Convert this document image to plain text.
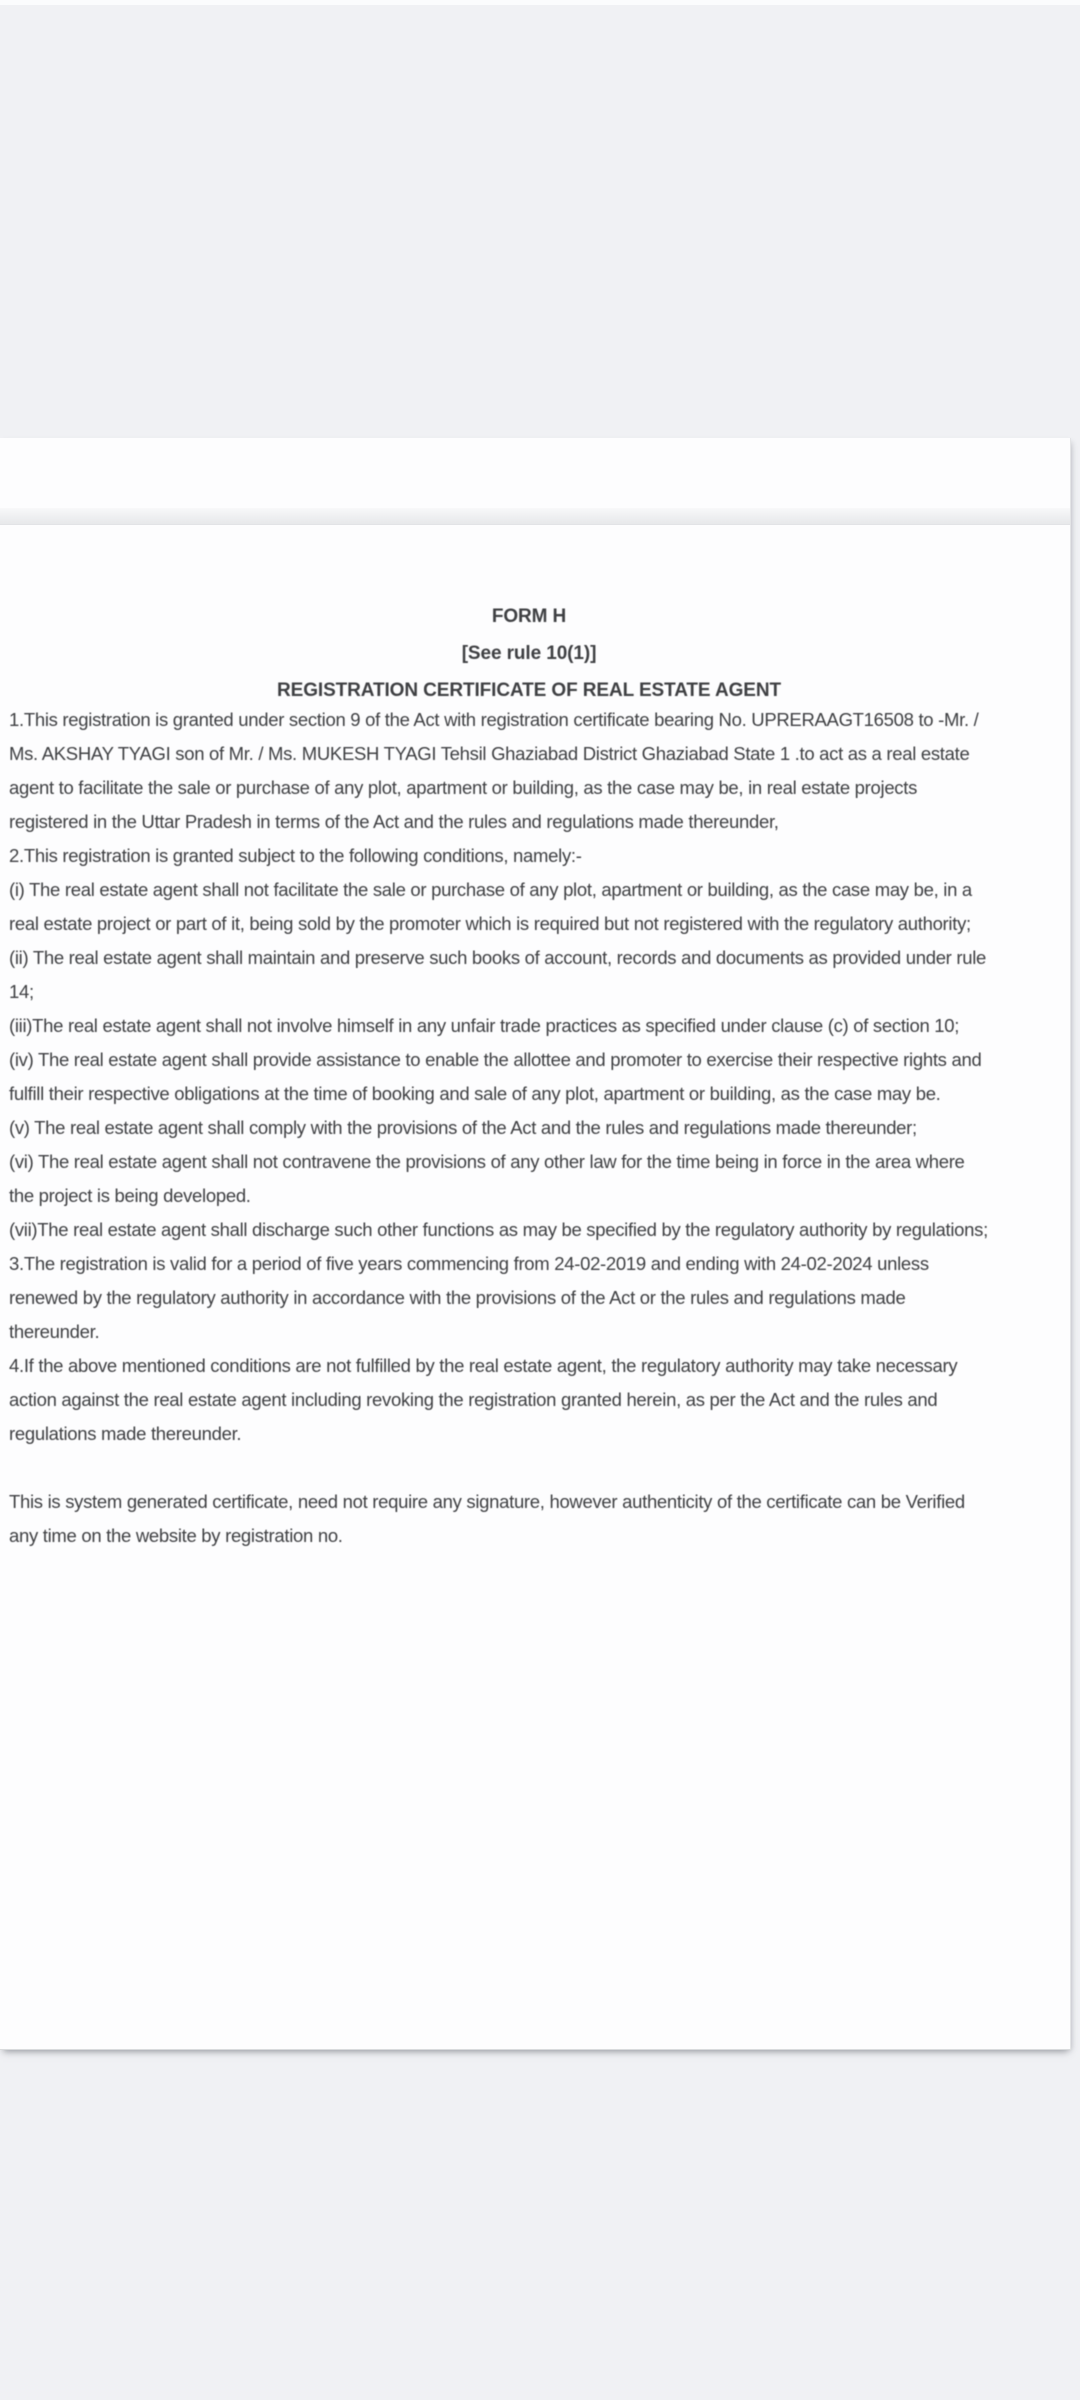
FORM H
[See rule 10(1)]
REGISTRATION CERTIFICATE OF REAL ESTATE AGENT
1.This registration is granted under section 9 of the Act with registration certificate bearing No. UPRERAAGT16508 to -Mr. /
Ms. AKSHAY TYAGI son of Mr. / Ms. MUKESH TYAGI Tehsil Ghaziabad District Ghaziabad State 1 .to act as a real estate
agent to facilitate the sale or purchase of any plot, apartment or building, as the case may be, in real estate projects
registered in the Uttar Pradesh in terms of the Act and the rules and regulations made thereunder,
2.This registration is granted subject to the following conditions, namely:-
(i) The real estate agent shall not facilitate the sale or purchase of any plot, apartment or building, as the case may be, in a
real estate project or part of it, being sold by the promoter which is required but not registered with the regulatory authority;
(ii) The real estate agent shall maintain and preserve such books of account, records and documents as provided under rule
14;
(iii)The real estate agent shall not involve himself in any unfair trade practices as specified under clause (c) of section 10;
(iv) The real estate agent shall provide assistance to enable the allottee and promoter to exercise their respective rights and
fulfill their respective obligations at the time of booking and sale of any plot, apartment or building, as the case may be.
(v) The real estate agent shall comply with the provisions of the Act and the rules and regulations made thereunder;
(vi) The real estate agent shall not contravene the provisions of any other law for the time being in force in the area where
the project is being developed.
(vii)The real estate agent shall discharge such other functions as may be specified by the regulatory authority by regulations;
3.The registration is valid for a period of five years commencing from 24-02-2019 and ending with 24-02-2024 unless
renewed by the regulatory authority in accordance with the provisions of the Act or the rules and regulations made
thereunder.
4.If the above mentioned conditions are not fulfilled by the real estate agent, the regulatory authority may take necessary
action against the real estate agent including revoking the registration granted herein, as per the Act and the rules and
regulations made thereunder.
This is system generated certificate, need not require any signature, however authenticity of the certificate can be Verified
any time on the website by registration no.
